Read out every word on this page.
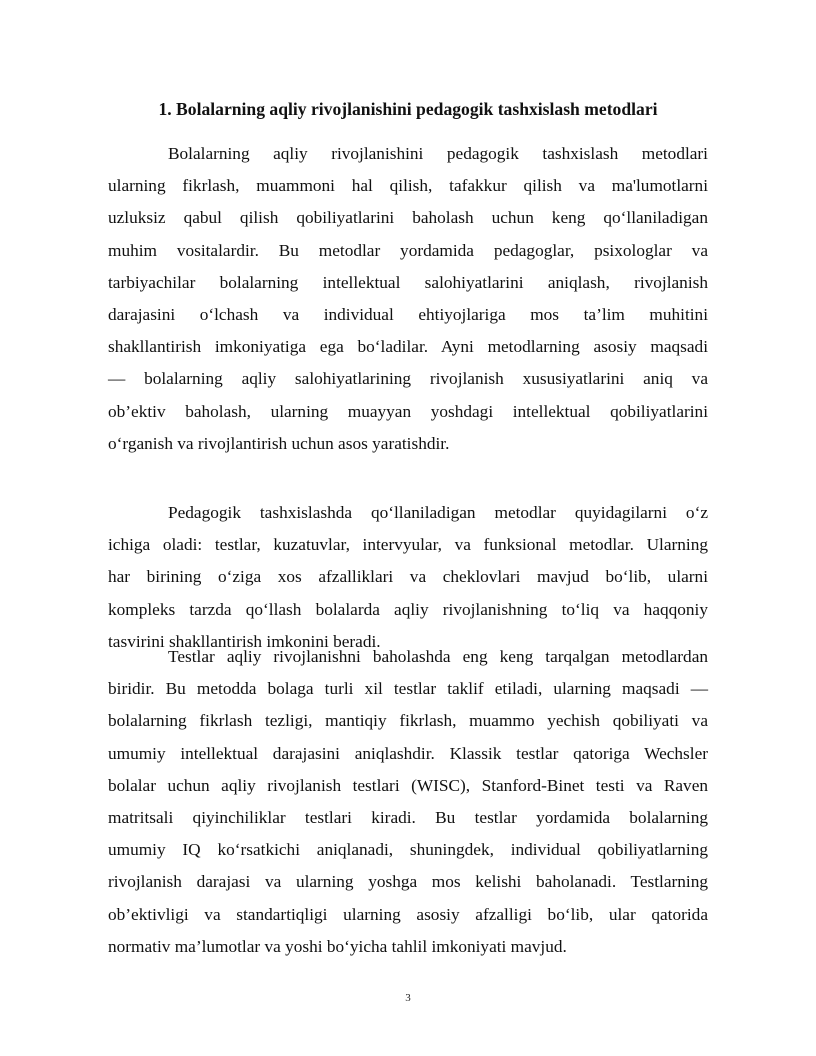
1. Bolalarning aqliy rivojlanishini pedagogik tashxislash metodlari
Bolalarning aqliy rivojlanishini pedagogik tashxislash metodlari
ularning fikrlash, muammoni hal qilish, tafakkur qilish va ma'lumotlarni
uzluksiz qabul qilish qobiliyatlarini baholash uchun keng qo‘llaniladigan
muhim vositalardir. Bu metodlar yordamida pedagoglar, psixologlar va
tarbiyachilar bolalarning intellektual salohiyatlarini aniqlash, rivojlanish
darajasini o‘lchash va individual ehtiyojlariga mos ta’lim muhitini
shakllantirish imkoniyatiga ega bo‘ladilar. Ayni metodlarning asosiy maqsadi
— bolalarning aqliy salohiyatlarining rivojlanish xususiyatlarini aniq va
ob’ektiv baholash, ularning muayyan yoshdagi intellektual qobiliyatlarini
o‘rganish va rivojlantirish uchun asos yaratishdir.
Pedagogik tashxislashda qo‘llaniladigan metodlar quyidagilarni o‘z
ichiga oladi: testlar, kuzatuvlar, intervyular, va funksional metodlar. Ularning
har birining o‘ziga xos afzalliklari va cheklovlari mavjud bo‘lib, ularni
kompleks tarzda qo‘llash bolalarda aqliy rivojlanishning to‘liq va haqqoniy
tasvirini shakllantirish imkonini beradi.
Testlar aqliy rivojlanishni baholashda eng keng tarqalgan metodlardan
biridir. Bu metodda bolaga turli xil testlar taklif etiladi, ularning maqsadi —
bolalarning fikrlash tezligi, mantiqiy fikrlash, muammo yechish qobiliyati va
umumiy intellektual darajasini aniqlashdir. Klassik testlar qatoriga Wechsler
bolalar uchun aqliy rivojlanish testlari (WISC), Stanford-Binet testi va Raven
matritsali qiyinchiliklar testlari kiradi. Bu testlar yordamida bolalarning
umumiy IQ ko‘rsatkichi aniqlanadi, shuningdek, individual qobiliyatlarning
rivojlanish darajasi va ularning yoshga mos kelishi baholanadi. Testlarning
ob’ektivligi va standartiqligi ularning asosiy afzalligi bo‘lib, ular qatorida
normativ ma’lumotlar va yoshi bo‘yicha tahlil imkoniyati mavjud.
3
